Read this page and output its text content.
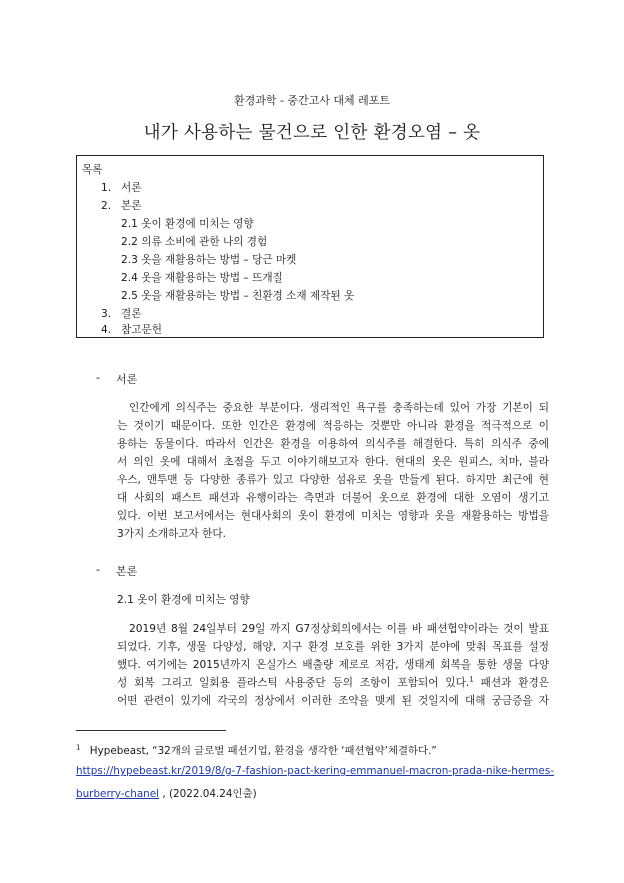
환경과학 - 중간고사 대체 레포트
내가 사용하는 물건으로 인한 환경오염 – 옷
목록
1. 서론
2. 본론
2.1 옷이 환경에 미치는 영향
2.2 의류 소비에 관한 나의 경험
2.3 옷을 재활용하는 방법 – 당근 마켓
2.4 옷을 재활용하는 방법 – 뜨개질
2.5 옷을 재활용하는 방법 – 친환경 소재 제작된 옷
3. 결론
4. 참고문헌
- 서론
인간에게 의식주는 중요한 부분이다. 생리적인 욕구를 충족하는데 있어 가장 기본이 되
는 것이기 때문이다. 또한 인간은 환경에 적응하는 것뿐만 아니라 환경을 적극적으로 이
용하는 동물이다. 따라서 인간은 환경을 이용하여 의식주를 해결한다. 특히 의식주 중에
서 의인 옷에 대해서 초점을 두고 이야기해보고자 한다. 현대의 옷은 원피스, 치마, 블라
우스, 맨투맨 등 다양한 종류가 있고 다양한 섬유로 옷을 만들게 된다. 하지만 최근에 현
대 사회의 패스트 패션과 유행이라는 측면과 더불어 옷으로 환경에 대한 오염이 생기고
있다. 이번 보고서에서는 현대사회의 옷이 환경에 미치는 영향과 옷을 재활용하는 방법을
3가지 소개하고자 한다.
- 본론
2.1 옷이 환경에 미치는 영향
2019년 8월 24일부터 29일 까지 G7정상회의에서는 이를 바 패션협약이라는 것이 발표
되었다. 기후, 생물 다양성, 해양, 지구 환경 보호를 위한 3가지 분야에 맞춰 목표를 설정
했다. 여기에는 2015년까지 온실가스 배출량 제로로 저감, 생태계 회복을 통한 생물 다양
성 회복 그리고 일회용 플라스틱 사용중단 등의 조항이 포함되어 있다.$^1$ 패션과 환경은
어떤 관련이 있기에 각국의 정상에서 이러한 조약을 맺게 된 것일지에 대해 궁금증을 자
$^1$ Hypebeast, “32개의 글로벌 패션기업, 환경을 생각한 ‘패션협약’체결하다.”
https://hypebeast.kr/2019/8/g-7-fashion-pact-kering-emmanuel-macron-prada-nike-hermes-
burberry-chanel , (2022.04.24인출)
